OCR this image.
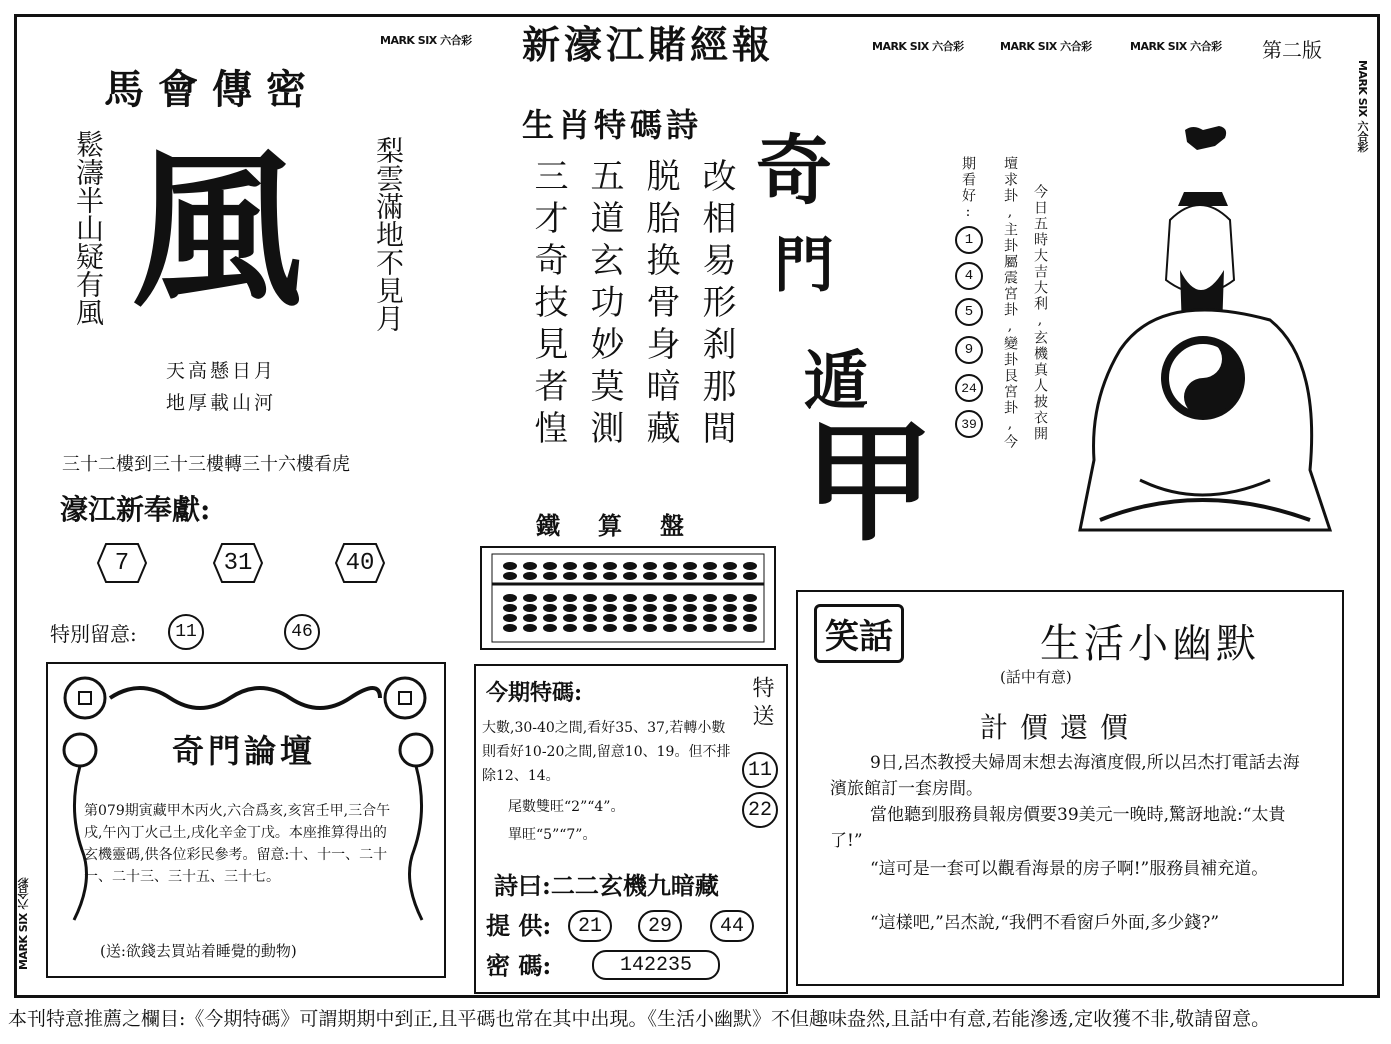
MARK SIX 六合彩 新濠江賭經報	MARK SIX 六合彩	MARK SIX 六合彩	MARK SIX 六合彩 第二版
MARK SIX 六合彩
MARK SIX 六合彩
馬會傳密
鬆濤半山疑有風	梨雲滿地不見月
風
天高懸日月
地厚載山河
三十二樓到三十三樓轉三十六樓看虎
濠江新奉獻:
7	31	40
特別留意:	11	46
奇門論壇
第079期寅藏甲木丙火,六合爲亥,亥宮壬甲,三合午戌,午內丁火己土,戌化辛金丁戊。本座推算得出的玄機靈碼,供各位彩民參考。留意:十、十一、二十一、二十三、三十五、三十七。
(送:欲錢去買站着睡覺的動物)
生肖特碼詩
改相易形刹那間
脱胎换骨身暗藏
五道玄功妙莫測
三才奇技見者惶 奇
門
遁
甲
鐵算盤
今期特碼:
大數,30-40之間,看好35、37,若轉小數則看好10-20之間,留意10、19。但不排除12、14。
尾數雙旺“2”“4”。
單旺“5”“7”。
特送
11
22
詩曰:二二玄機九暗藏
提 供:	21	29	44
密 碼:	142235
今日五時大吉大利,玄機真人披衣開
壇求卦,主卦屬震宮卦,變卦艮宮卦,今
期看好:
1
4
5
9
24
39
笑話	生活小幽默
(話中有意)
計價還價
9日,呂杰教授夫婦周末想去海濱度假,所以呂杰打電話去海濱旅館訂一套房間。
當他聽到服務員報房價要39美元一晚時,驚訝地說:“太貴了!”
“這可是一套可以觀看海景的房子啊!”服務員補充道。
“這樣吧,”呂杰說,“我們不看窗戶外面,多少錢?”
本刊特意推薦之欄目:《今期特碼》可謂期期中到正,且平碼也常在其中出現。《生活小幽默》不但趣味盎然,且話中有意,若能滲透,定收獲不非,敬請留意。
